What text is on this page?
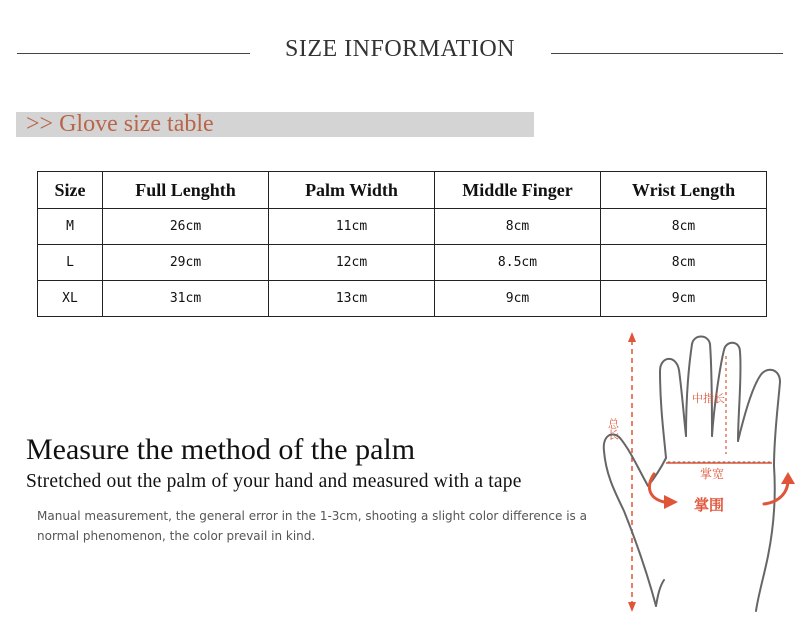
SIZE INFORMATION
>> Glove size table
Size	Full Lenghth	Palm Width	Middle Finger	Wrist Length
M	26cm	11cm	8cm	8cm
L	29cm	12cm	8.5cm	8cm
XL	31cm	13cm	9cm	9cm
Measure the method of the palm
Stretched out the palm of your hand and measured with a tape
Manual measurement, the general error in the 1-3cm, shooting a slight color difference is a normal phenomenon, the color prevail in kind.
总长
中指长
掌宽
掌围
